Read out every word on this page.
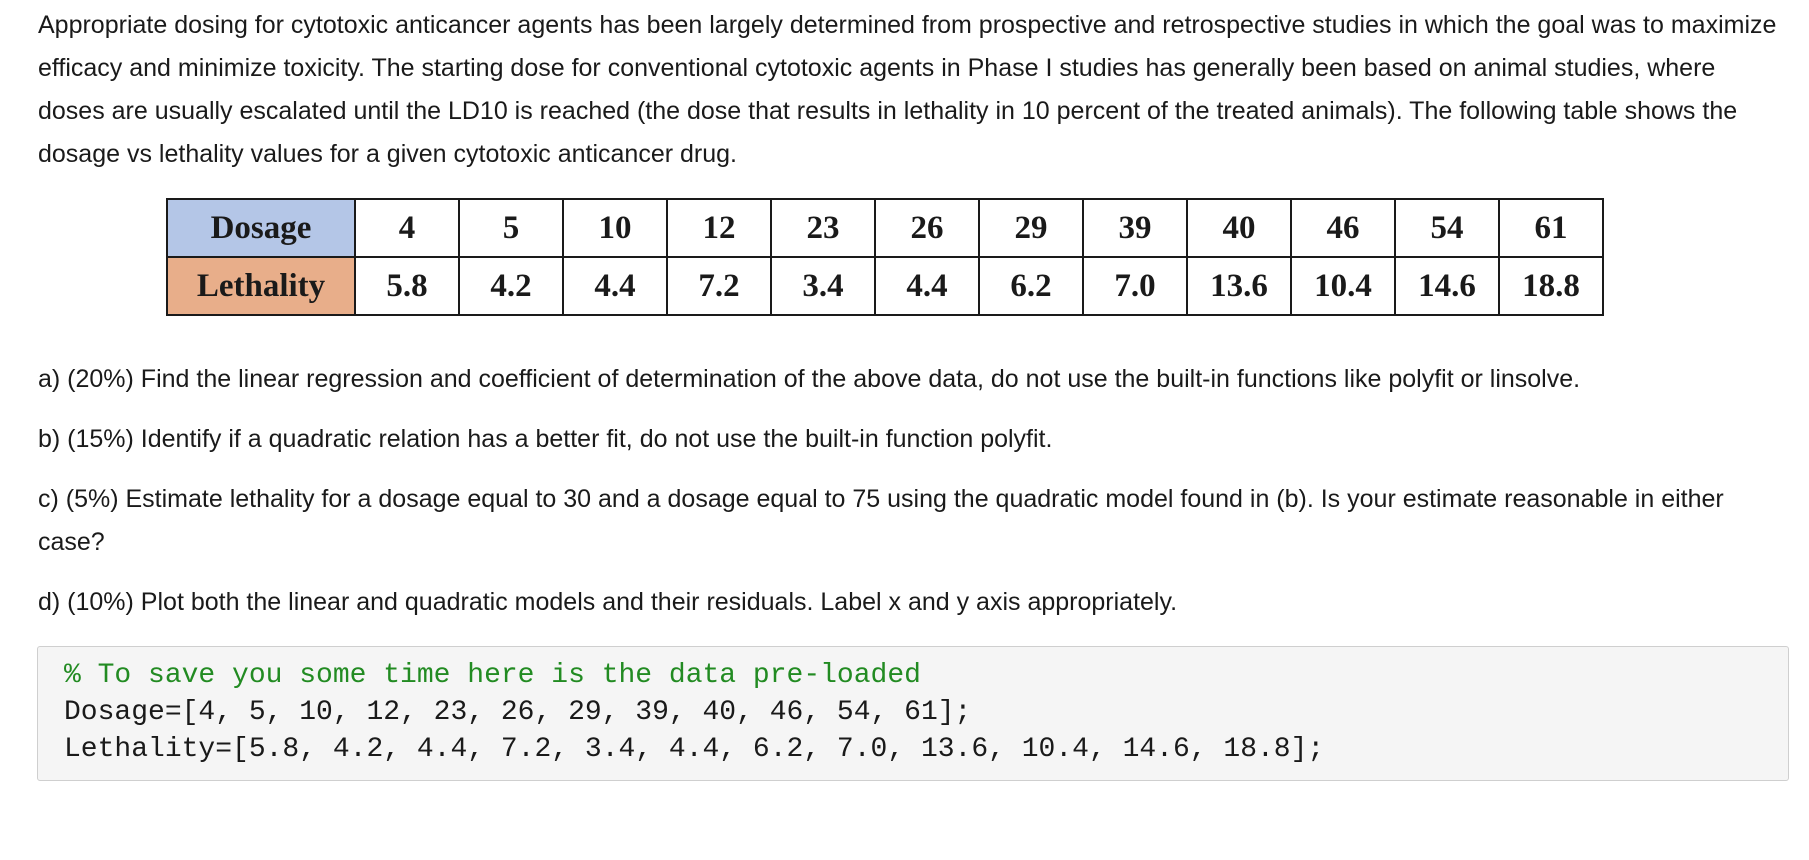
Appropriate dosing for cytotoxic anticancer agents has been largely determined from prospective and retrospective studies in which the goal was to maximize efficacy and minimize toxicity. The starting dose for conventional cytotoxic agents in Phase I studies has generally been based on animal studies, where doses are usually escalated until the LD10 is reached (the dose that results in lethality in 10 percent of the treated animals). The following table shows the dosage vs lethality values for a given cytotoxic anticancer drug.

Dosage	4	5	10	12	23	26	29	39	40	46	54	61
Lethality	5.8	4.2	4.4	7.2	3.4	4.4	6.2	7.0	13.6	10.4	14.6	18.8

a) (20%) Find the linear regression and coefficient of determination of the above data, do not use the built-in functions like polyfit or linsolve.

b) (15%) Identify if a quadratic relation has a better fit, do not use the built-in function polyfit.

c) (5%) Estimate lethality for a dosage equal to 30 and a dosage equal to 75 using the quadratic model found in (b). Is your estimate reasonable in either case?

d) (10%) Plot both the linear and quadratic models and their residuals. Label x and y axis appropriately.

% To save you some time here is the data pre-loaded
Dosage=[4, 5, 10, 12, 23, 26, 29, 39, 40, 46, 54, 61];
Lethality=[5.8, 4.2, 4.4, 7.2, 3.4, 4.4, 6.2, 7.0, 13.6, 10.4, 14.6, 18.8];
